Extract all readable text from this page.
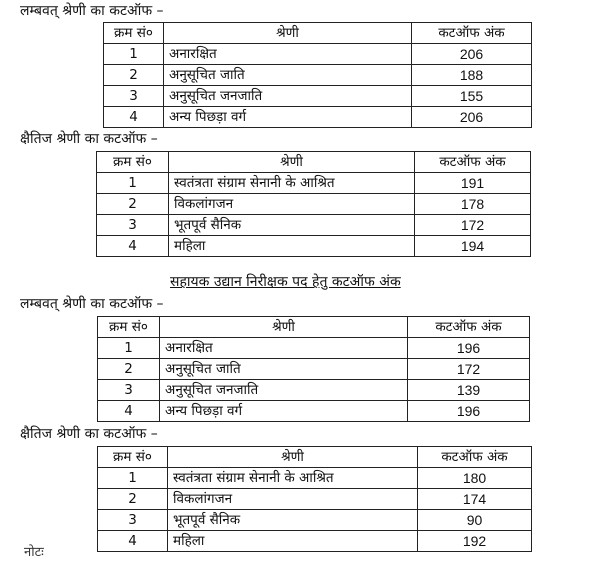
लम्बवत् श्रेणी का कटऑफ –
क्रम सं०	श्रेणी	कटऑफ अंक
1	अनारक्षित	206
2	अनुसूचित जाति	188
3	अनुसूचित जनजाति	155
4	अन्य पिछड़ा वर्ग	206
क्षैतिज श्रेणी का कटऑफ –
क्रम सं०	श्रेणी	कटऑफ अंक
1	स्वतंत्रता संग्राम सेनानी के आश्रित	191
2	विकलांगजन	178
3	भूतपूर्व सैनिक	172
4	महिला	194
सहायक उद्यान निरीक्षक पद हेतु कटऑफ अंक
लम्बवत् श्रेणी का कटऑफ –
क्रम सं०	श्रेणी	कटऑफ अंक
1	अनारक्षित	196
2	अनुसूचित जाति	172
3	अनुसूचित जनजाति	139
4	अन्य पिछड़ा वर्ग	196
क्षैतिज श्रेणी का कटऑफ –
क्रम सं०	श्रेणी	कटऑफ अंक
1	स्वतंत्रता संग्राम सेनानी के आश्रित	180
2	विकलांगजन	174
3	भूतपूर्व सैनिक	90
4	महिला	192
नोटः
